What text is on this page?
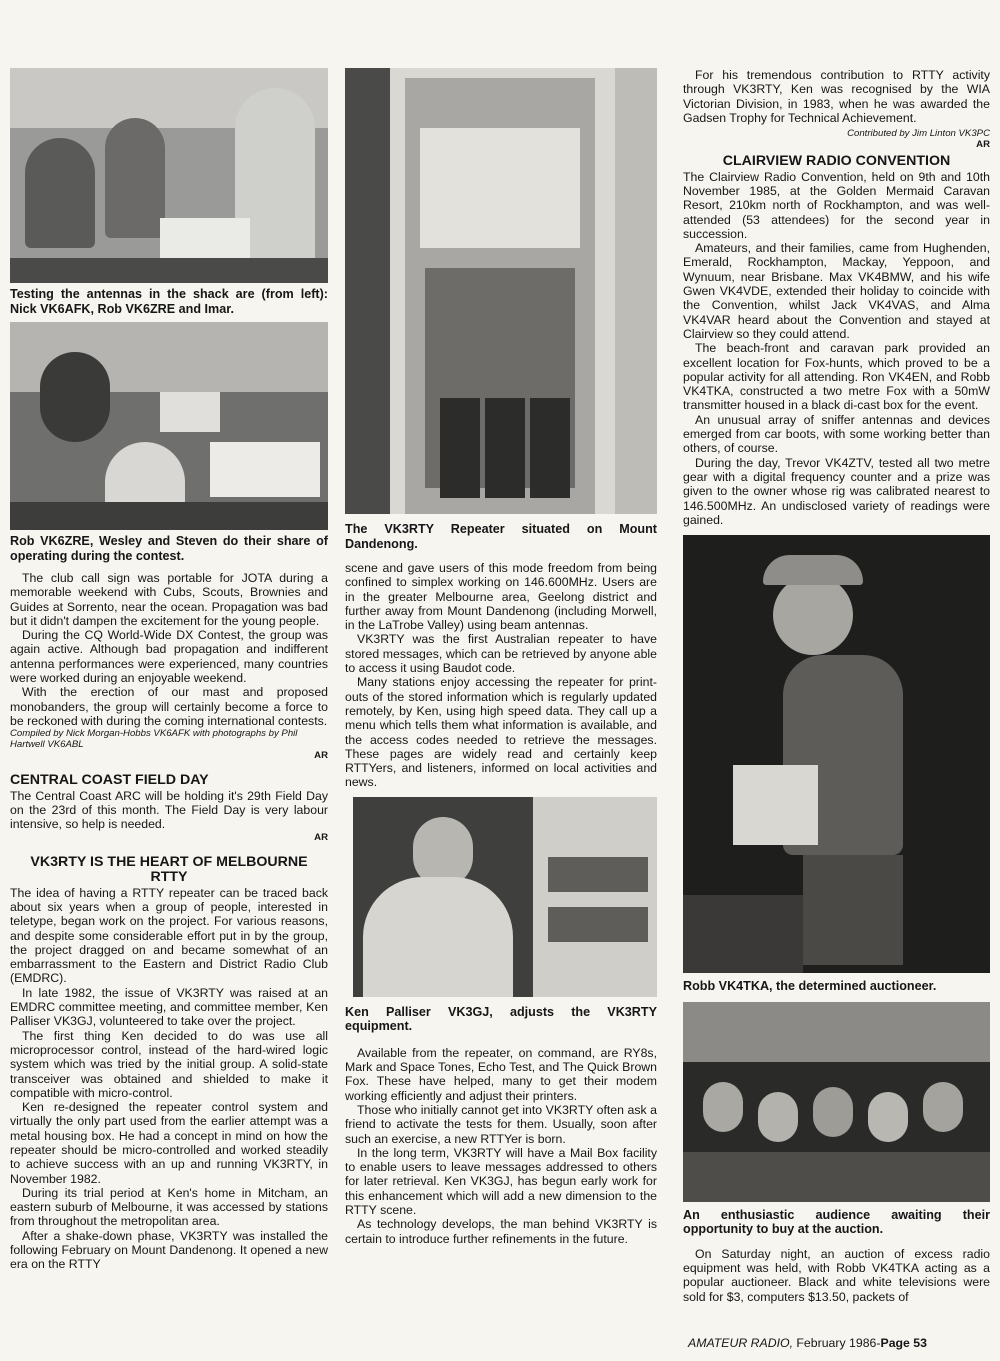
Testing the antennas in the shack are (from left): Nick VK6AFK, Rob VK6ZRE and Imar.

Rob VK6ZRE, Wesley and Steven do their share of operating during the contest.

The club call sign was portable for JOTA during a memorable weekend with Cubs, Scouts, Brownies and Guides at Sorrento, near the ocean. Propagation was bad but it didn't dampen the excitement for the young people.

During the CQ World-Wide DX Contest, the group was again active. Although bad propagation and indifferent antenna performances were experienced, many countries were worked during an enjoyable weekend.

With the erection of our mast and proposed monobanders, the group will certainly become a force to be reckoned with during the coming international contests.

Compiled by Nick Morgan-Hobbs VK6AFK with photographs by Phil Hartwell VK6ABL

AR

CENTRAL COAST FIELD DAY

The Central Coast ARC will be holding it's 29th Field Day on the 23rd of this month. The Field Day is very labour intensive, so help is needed.

AR

VK3RTY IS THE HEART OF MELBOURNE RTTY

The idea of having a RTTY repeater can be traced back about six years when a group of people, interested in teletype, began work on the project. For various reasons, and despite some considerable effort put in by the group, the project dragged on and became somewhat of an embarrassment to the Eastern and District Radio Club (EMDRC).

In late 1982, the issue of VK3RTY was raised at an EMDRC committee meeting, and committee member, Ken Palliser VK3GJ, volunteered to take over the project.

The first thing Ken decided to do was use all microprocessor control, instead of the hard-wired logic system which was tried by the initial group. A solid-state transceiver was obtained and shielded to make it compatible with micro-control.

Ken re-designed the repeater control system and virtually the only part used from the earlier attempt was a metal housing box. He had a concept in mind on how the repeater should be micro-controlled and worked steadily to achieve success with an up and running VK3RTY, in November 1982.

During its trial period at Ken's home in Mitcham, an eastern suburb of Melbourne, it was accessed by stations from throughout the metropolitan area.

After a shake-down phase, VK3RTY was installed the following February on Mount Dandenong. It opened a new era on the RTTY

The VK3RTY Repeater situated on Mount Dandenong.

scene and gave users of this mode freedom from being confined to simplex working on 146.600MHz. Users are in the greater Melbourne area, Geelong district and further away from Mount Dandenong (including Morwell, in the LaTrobe Valley) using beam antennas.

VK3RTY was the first Australian repeater to have stored messages, which can be retrieved by anyone able to access it using Baudot code.

Many stations enjoy accessing the repeater for print-outs of the stored information which is regularly updated remotely, by Ken, using high speed data. They call up a menu which tells them what information is available, and the access codes needed to retrieve the messages. These pages are widely read and certainly keep RTTYers, and listeners, informed on local activities and news.

Ken Palliser VK3GJ, adjusts the VK3RTY equipment.

Available from the repeater, on command, are RY8s, Mark and Space Tones, Echo Test, and The Quick Brown Fox. These have helped, many to get their modem working efficiently and adjust their printers.

Those who initially cannot get into VK3RTY often ask a friend to activate the tests for them. Usually, soon after such an exercise, a new RTTYer is born.

In the long term, VK3RTY will have a Mail Box facility to enable users to leave messages addressed to others for later retrieval. Ken VK3GJ, has begun early work for this enhancement which will add a new dimension to the RTTY scene.

As technology develops, the man behind VK3RTY is certain to introduce further refinements in the future.

For his tremendous contribution to RTTY activity through VK3RTY, Ken was recognised by the WIA Victorian Division, in 1983, when he was awarded the Gadsen Trophy for Technical Achievement.

Contributed by Jim Linton VK3PC

AR

CLAIRVIEW RADIO CONVENTION

The Clairview Radio Convention, held on 9th and 10th November 1985, at the Golden Mermaid Caravan Resort, 210km north of Rockhampton, and was well-attended (53 attendees) for the second year in succession.

Amateurs, and their families, came from Hughenden, Emerald, Rockhampton, Mackay, Yeppoon, and Wynuum, near Brisbane. Max VK4BMW, and his wife Gwen VK4VDE, extended their holiday to coincide with the Convention, whilst Jack VK4VAS, and Alma VK4VAR heard about the Convention and stayed at Clairview so they could attend.

The beach-front and caravan park provided an excellent location for Fox-hunts, which proved to be a popular activity for all attending. Ron VK4EN, and Robb VK4TKA, constructed a two metre Fox with a 50mW transmitter housed in a black di-cast box for the event.

An unusual array of sniffer antennas and devices emerged from car boots, with some working better than others, of course.

During the day, Trevor VK4ZTV, tested all two metre gear with a digital frequency counter and a prize was given to the owner whose rig was calibrated nearest to 146.500MHz. An undisclosed variety of readings were gained.

Robb VK4TKA, the determined auctioneer.

An enthusiastic audience awaiting their opportunity to buy at the auction.

On Saturday night, an auction of excess radio equipment was held, with Robb VK4TKA acting as a popular auctioneer. Black and white televisions were sold for $3, computers $13.50, packets of

AMATEUR RADIO, February 1986-Page 53
